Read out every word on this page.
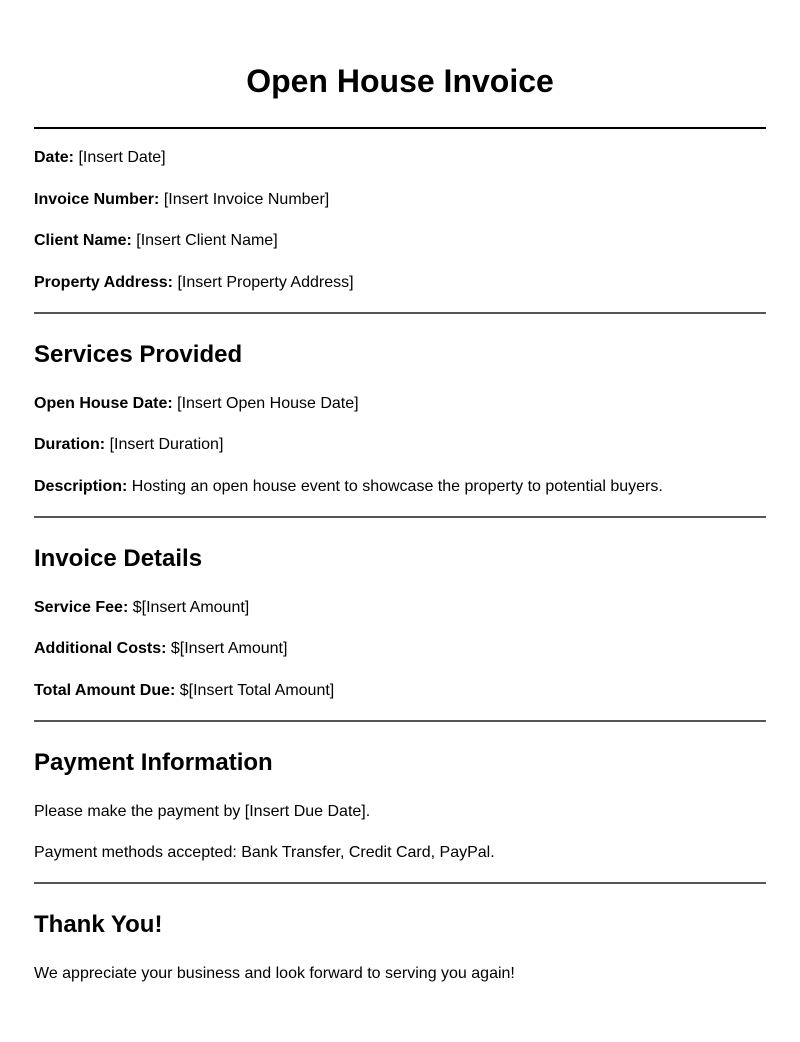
Open House Invoice

Date: [Insert Date]

Invoice Number: [Insert Invoice Number]

Client Name: [Insert Client Name]

Property Address: [Insert Property Address]

Services Provided

Open House Date: [Insert Open House Date]

Duration: [Insert Duration]

Description: Hosting an open house event to showcase the property to potential buyers.

Invoice Details

Service Fee: $[Insert Amount]

Additional Costs: $[Insert Amount]

Total Amount Due: $[Insert Total Amount]

Payment Information

Please make the payment by [Insert Due Date].

Payment methods accepted: Bank Transfer, Credit Card, PayPal.

Thank You!

We appreciate your business and look forward to serving you again!
